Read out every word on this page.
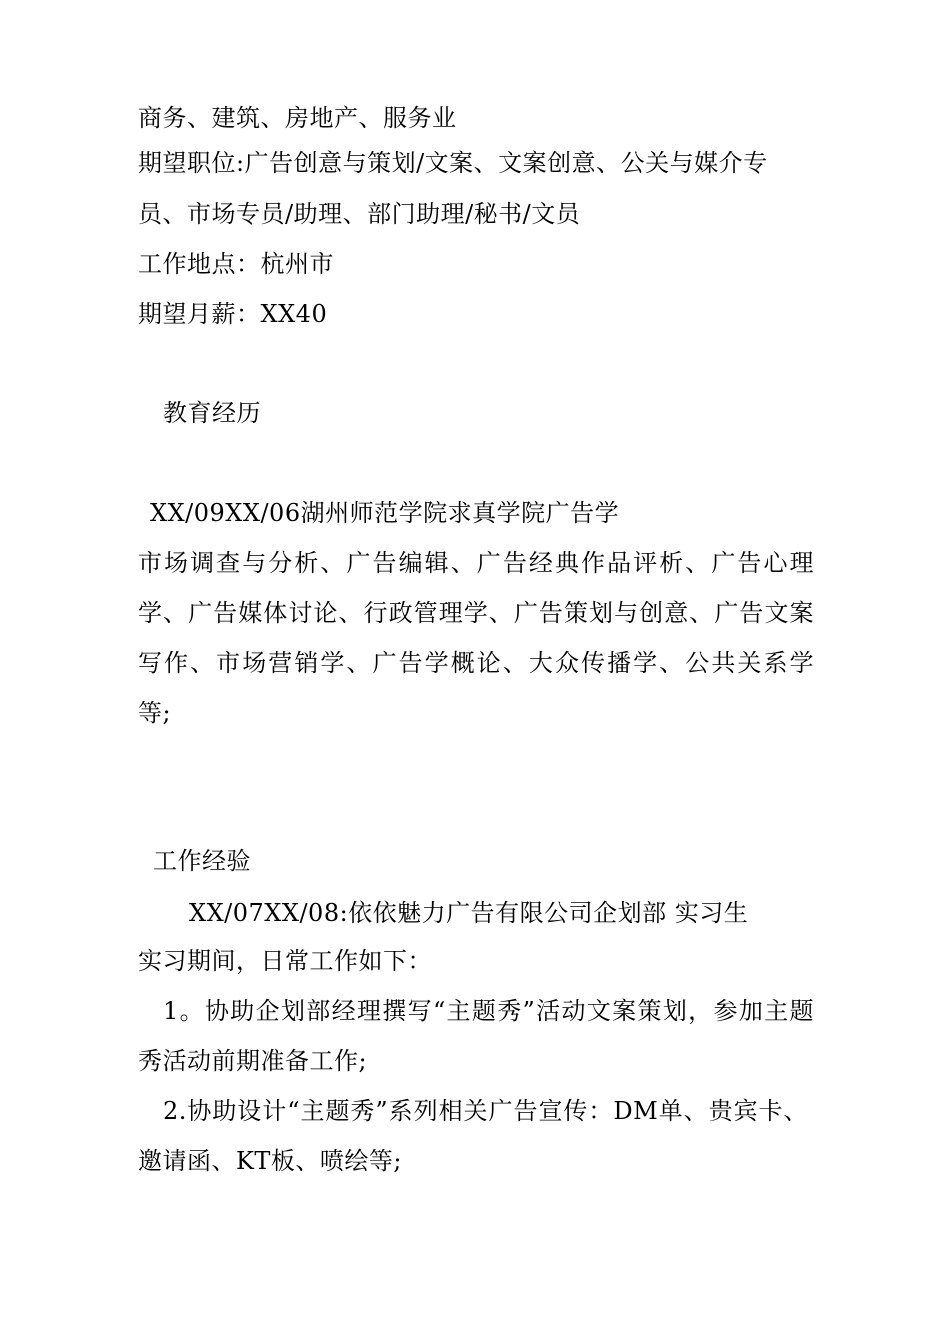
商务、建筑、房地产、服务业
期望职位:广告创意与策划/文案、文案创意、公关与媒介专
员、市场专员/助理、部门助理/秘书/文员
工作地点：杭州市
期望月薪：XX40
教育经历
XX/09XX/06湖州师范学院求真学院广告学
市场调查与分析、广告编辑、广告经典作品评析、广告心理
学、广告媒体讨论、行政管理学、广告策划与创意、广告文案
写作、市场营销学、广告学概论、大众传播学、公共关系学
等;
工作经验
XX/07XX/08:依依魅力广告有限公司企划部 实习生
实习期间，日常工作如下：
1。协助企划部经理撰写“主题秀”活动文案策划，参加主题
秀活动前期准备工作;
2.协助设计“主题秀”系列相关广告宣传：DM单、贵宾卡、
邀请函、KT板、喷绘等;
